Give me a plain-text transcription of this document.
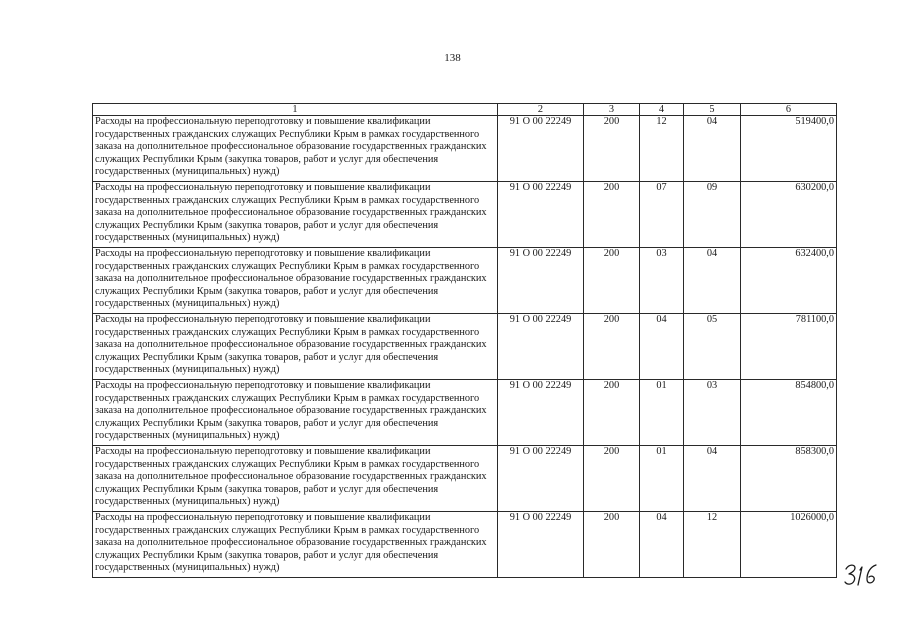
138
1	2	3	4	5	6
Расходы на профессиональную переподготовку и повышение квалификации государственных гражданских служащих Республики Крым в рамках государственного заказа на дополнительное профессиональное образование государственных гражданских служащих Республики Крым (закупка товаров, работ и услуг для обеспечения государственных (муниципальных) нужд)	91 О 00 22249	200	12	04	519400,0
Расходы на профессиональную переподготовку и повышение квалификации государственных гражданских служащих Республики Крым в рамках государственного заказа на дополнительное профессиональное образование государственных гражданских служащих Республики Крым (закупка товаров, работ и услуг для обеспечения государственных (муниципальных) нужд)	91 О 00 22249	200	07	09	630200,0
Расходы на профессиональную переподготовку и повышение квалификации государственных гражданских служащих Республики Крым в рамках государственного заказа на дополнительное профессиональное образование государственных гражданских служащих Республики Крым (закупка товаров, работ и услуг для обеспечения государственных (муниципальных) нужд)	91 О 00 22249	200	03	04	632400,0
Расходы на профессиональную переподготовку и повышение квалификации государственных гражданских служащих Республики Крым в рамках государственного заказа на дополнительное профессиональное образование государственных гражданских служащих Республики Крым (закупка товаров, работ и услуг для обеспечения государственных (муниципальных) нужд)	91 О 00 22249	200	04	05	781100,0
Расходы на профессиональную переподготовку и повышение квалификации государственных гражданских служащих Республики Крым в рамках государственного заказа на дополнительное профессиональное образование государственных гражданских служащих Республики Крым (закупка товаров, работ и услуг для обеспечения государственных (муниципальных) нужд)	91 О 00 22249	200	01	03	854800,0
Расходы на профессиональную переподготовку и повышение квалификации государственных гражданских служащих Республики Крым в рамках государственного заказа на дополнительное профессиональное образование государственных гражданских служащих Республики Крым (закупка товаров, работ и услуг для обеспечения государственных (муниципальных) нужд)	91 О 00 22249	200	01	04	858300,0
Расходы на профессиональную переподготовку и повышение квалификации государственных гражданских служащих Республики Крым в рамках государственного заказа на дополнительное профессиональное образование государственных гражданских служащих Республики Крым (закупка товаров, работ и услуг для обеспечения государственных (муниципальных) нужд)	91 О 00 22249	200	04	12	1026000,0
